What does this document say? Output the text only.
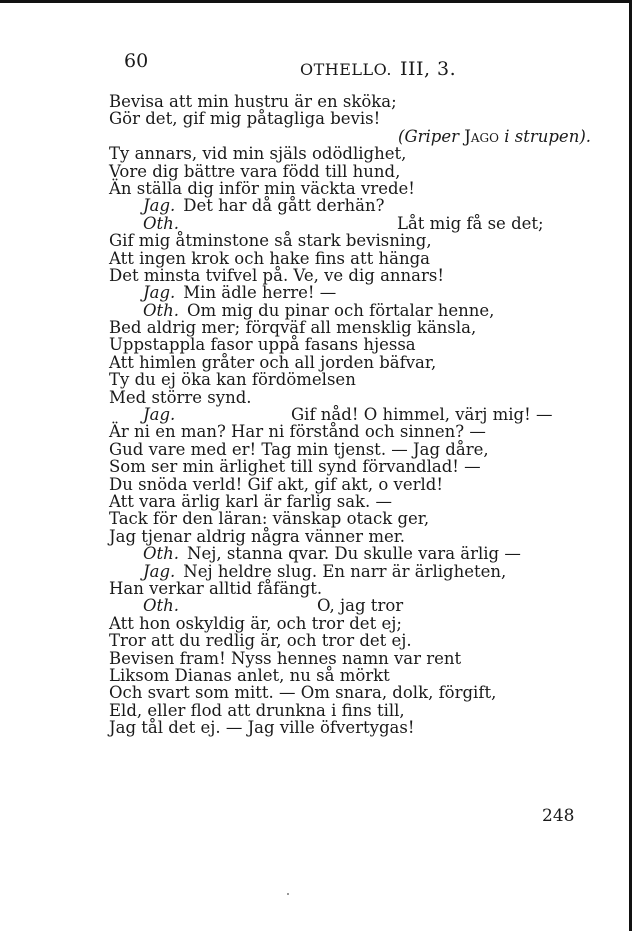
60	OTHELLO. III, 3.
Bevisa att min hustru är en sköka;
Gör det, gif mig påtagliga bevis!
(Griper Jago i strupen).
Ty annars, vid min själs odödlighet,
Vore dig bättre vara född till hund,
Än ställa dig inför min väckta vrede!
Jag. Det har då gått derhän?
Oth.	Låt mig få se det;
Gif mig åtminstone så stark bevisning,
Att ingen krok och hake fins att hänga
Det minsta tvifvel på. Ve, ve dig annars!
Jag. Min ädle herre! —
Oth. Om mig du pinar och förtalar henne,
Bed aldrig mer; förqväf all mensklig känsla,
Uppstappla fasor uppå fasans hjessa
Att himlen gråter och all jorden bäfvar,
Ty du ej öka kan fördömelsen
Med större synd.
Jag.	Gif nåd! O himmel, värj mig! —
Är ni en man? Har ni förstånd och sinnen? —
Gud vare med er! Tag min tjenst. — Jag dåre,
Som ser min ärlighet till synd förvandlad! —
Du snöda verld! Gif akt, gif akt, o verld!
Att vara ärlig karl är farlig sak. —
Tack för den läran: vänskap otack ger,
Jag tjenar aldrig några vänner mer.
Oth. Nej, stanna qvar. Du skulle vara ärlig —
Jag. Nej heldre slug. En narr är ärligheten,
Han verkar alltid fåfängt.
Oth.	O, jag tror
Att hon oskyldig är, och tror det ej;
Tror att du redlig är, och tror det ej.
Bevisen fram! Nyss hennes namn var rent
Liksom Dianas anlet, nu så mörkt
Och svart som mitt. — Om snara, dolk, förgift,
Eld, eller flod att drunkna i fins till,
Jag tål det ej. — Jag ville öfvertygas!
248
